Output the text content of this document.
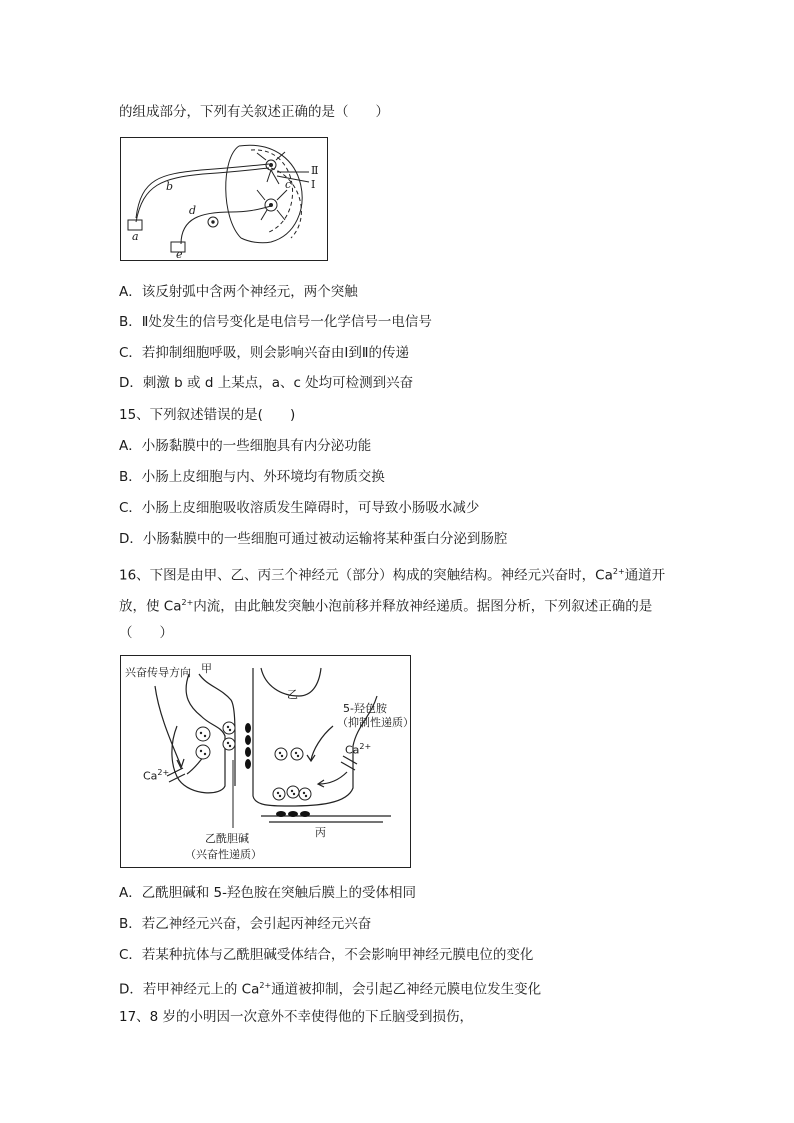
的组成部分，下列有关叙述正确的是（　　）
b	c
d
a
e
Ⅱ
Ⅰ
A．该反射弧中含两个神经元，两个突触
B．Ⅱ处发生的信号变化是电信号一化学信号一电信号
C．若抑制细胞呼吸，则会影响兴奋由Ⅰ到Ⅱ的传递
D．刺激 b 或 d 上某点，a、c 处均可检测到兴奋
15、下列叙述错误的是(　　)
A．小肠黏膜中的一些细胞具有内分泌功能
B．小肠上皮细胞与内、外环境均有物质交换
C．小肠上皮细胞吸收溶质发生障碍时，可导致小肠吸水减少
D．小肠黏膜中的一些细胞可通过被动运输将某种蛋白分泌到肠腔
16、下图是由甲、乙、丙三个神经元（部分）构成的突触结构。神经元兴奋时，$Ca^{2+}$通道开
放，使 $Ca^{2+}$内流，由此触发突触小泡前移并释放神经递质。据图分析，下列叙述正确的是
（　　）
兴奋传导方向 甲
乙
5-羟色胺
（抑制性递质）
$Ca^{2+}$
$Ca^{2+}$
丙
乙酰胆碱
（兴奋性递质）
A．乙酰胆碱和 5-羟色胺在突触后膜上的受体相同
B．若乙神经元兴奋，会引起丙神经元兴奋
C．若某种抗体与乙酰胆碱受体结合，不会影响甲神经元膜电位的变化
D．若甲神经元上的 $Ca^{2+}$通道被抑制，会引起乙神经元膜电位发生变化
17、8 岁的小明因一次意外不幸使得他的下丘脑受到损伤，
